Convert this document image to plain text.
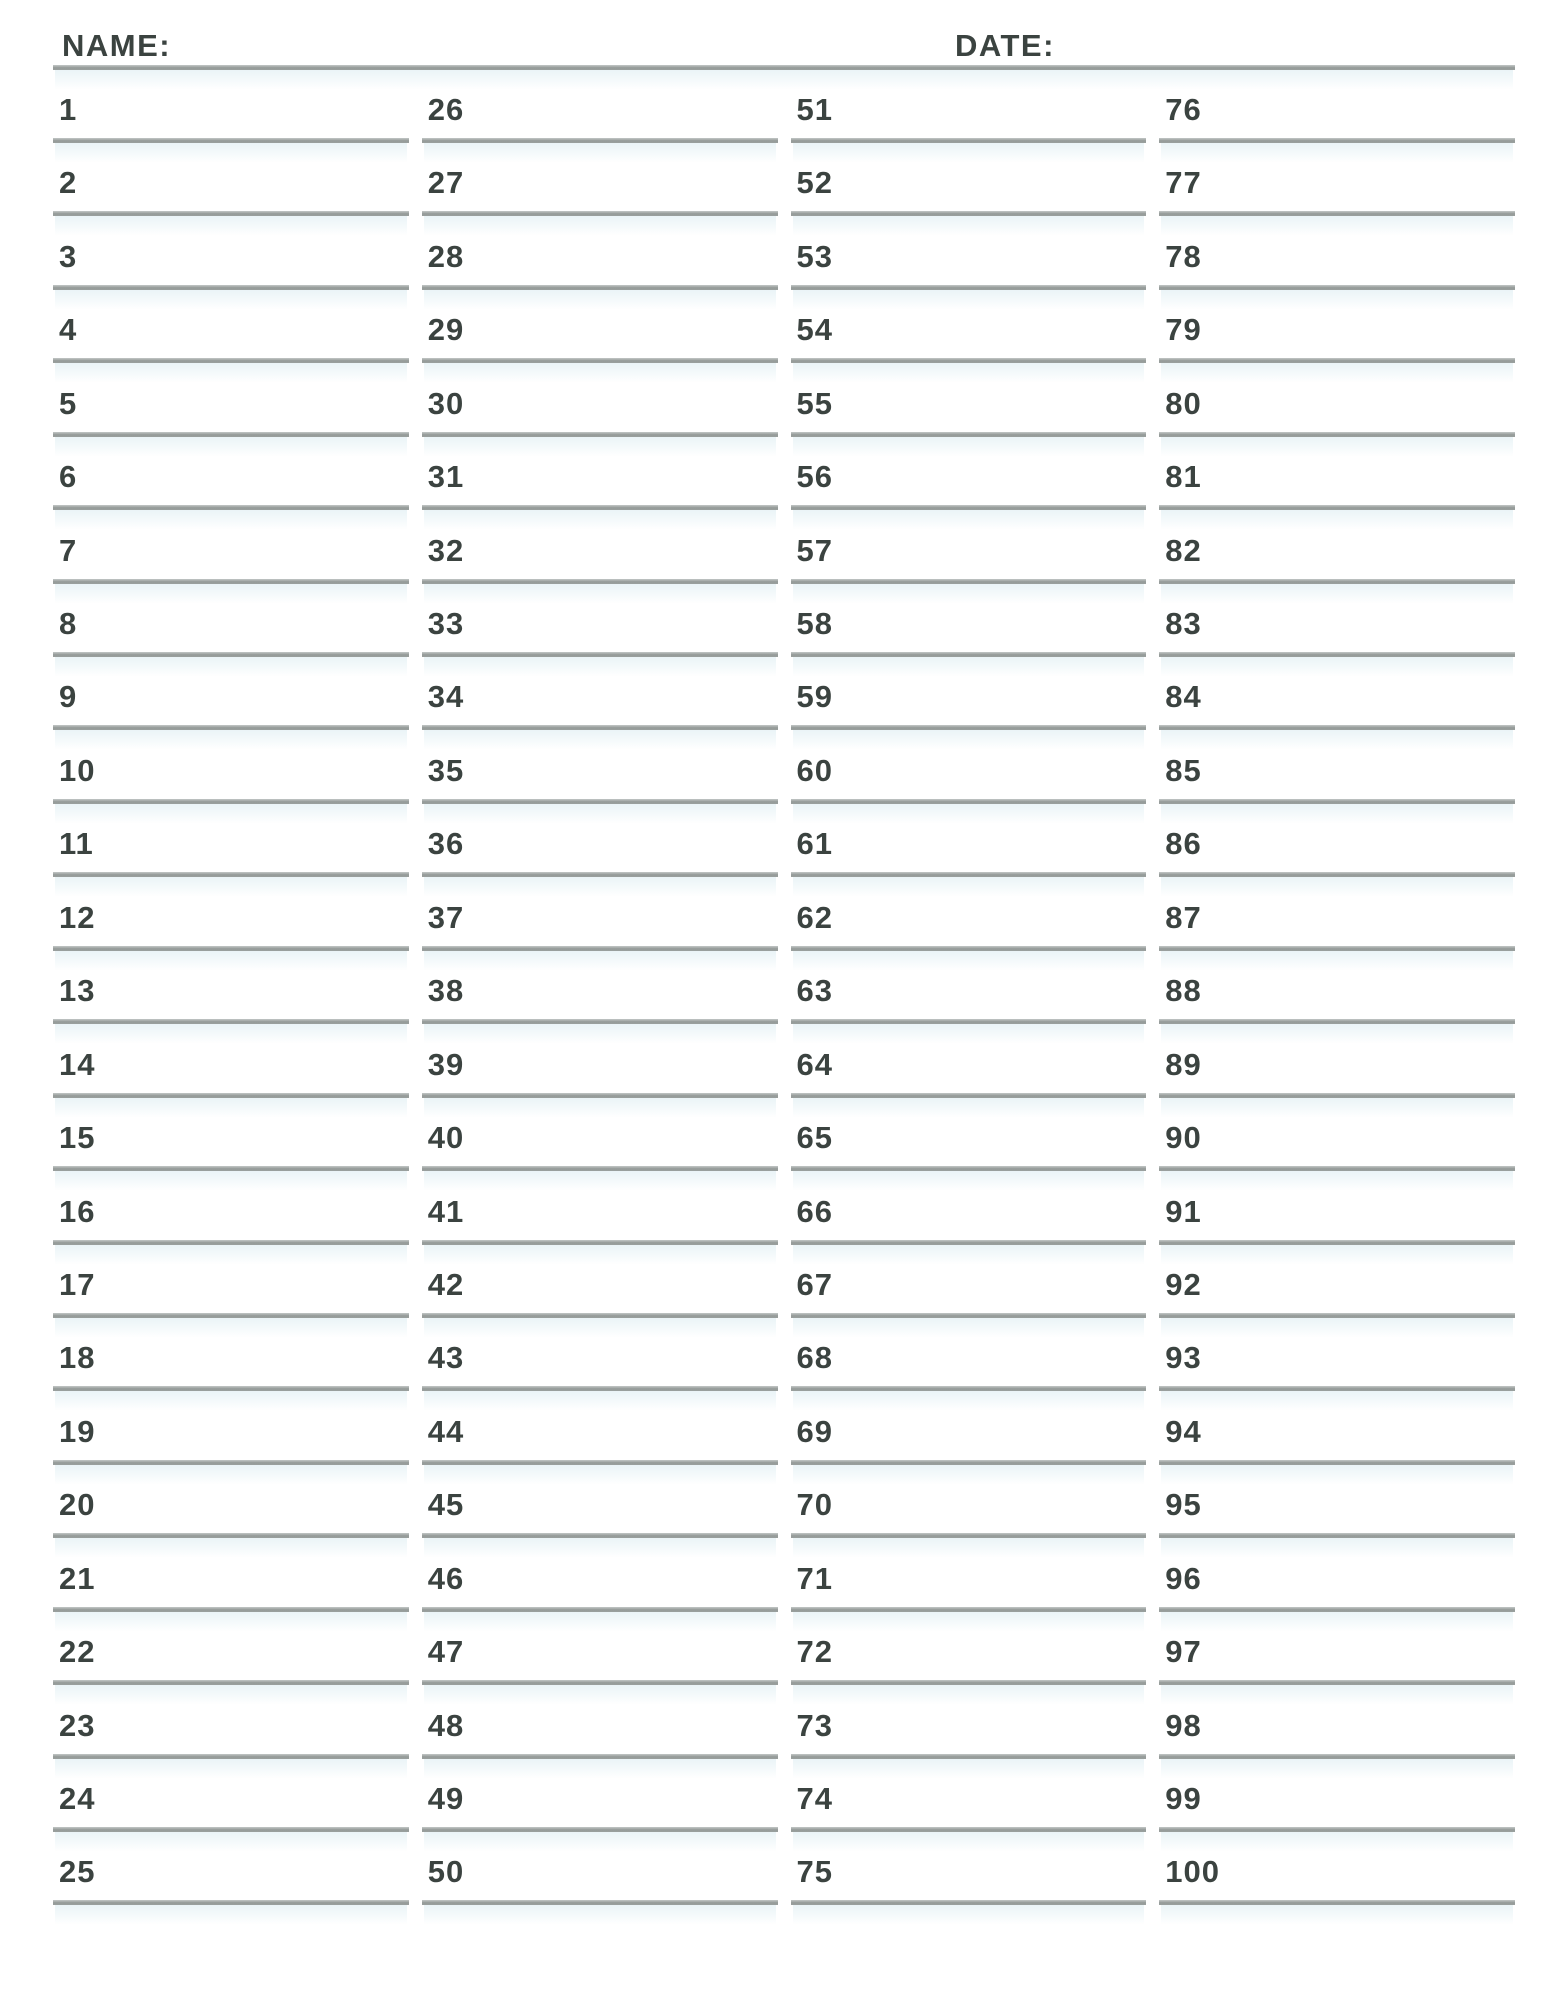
NAME:	DATE:
1
2
3
4
5
6
7
8
9
10
11
12
13
14
15
16
17
18
19
20
21
22
23
24
25
26
27
28
29
30
31
32
33
34
35
36
37
38
39
40
41
42
43
44
45
46
47
48
49
50
51
52
53
54
55
56
57
58
59
60
61
62
63
64
65
66
67
68
69
70
71
72
73
74
75
76
77
78
79
80
81
82
83
84
85
86
87
88
89
90
91
92
93
94
95
96
97
98
99
100
